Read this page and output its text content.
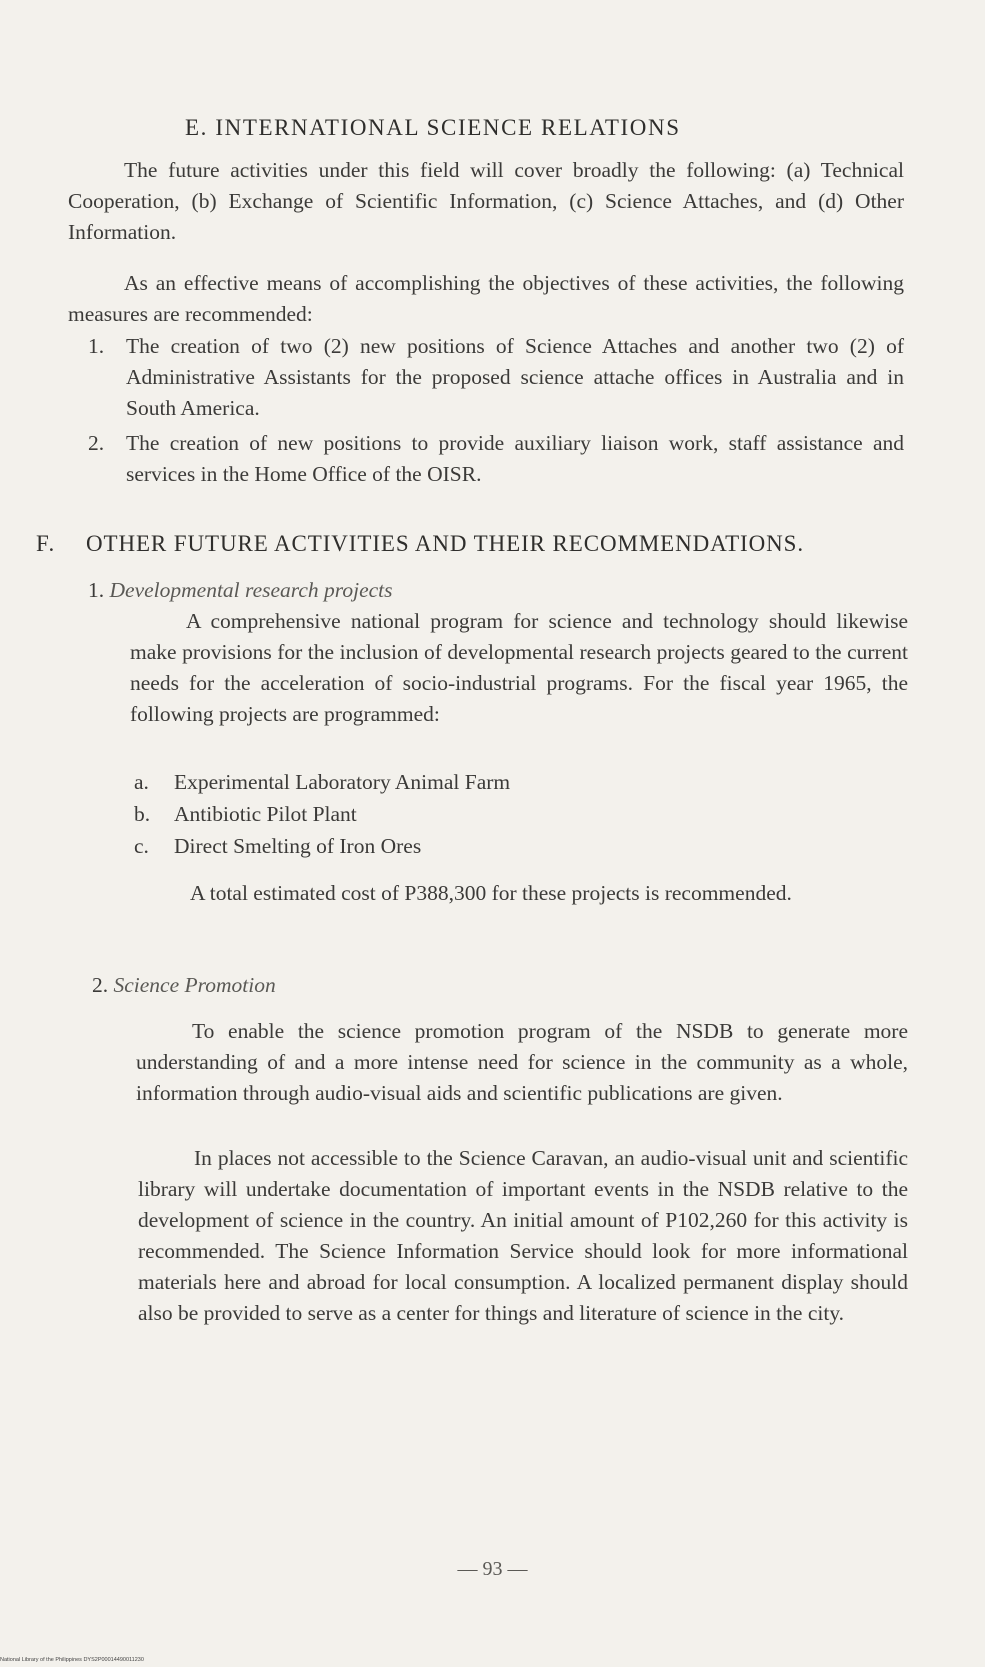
E. INTERNATIONAL SCIENCE RELATIONS
The future activities under this field will cover broadly the following: (a) Technical Cooperation, (b) Exchange of Scientific Information, (c) Science Attaches, and (d) Other Information.
As an effective means of accomplishing the objectives of these activities, the following measures are recommended:
1.	The creation of two (2) new positions of Science Attaches and another two (2) of Administrative Assistants for the proposed science attache offices in Australia and in South America.
2.	The creation of new positions to provide auxiliary liaison work, staff assistance and services in the Home Office of the OISR.
F. OTHER FUTURE ACTIVITIES AND THEIR RECOMMENDATIONS.
1. Developmental research projects
A comprehensive national program for science and technology should likewise make provisions for the inclusion of developmental research projects geared to the current needs for the acceleration of socio-industrial programs. For the fiscal year 1965, the following projects are programmed:
a. Experimental Laboratory Animal Farm
b. Antibiotic Pilot Plant
c. Direct Smelting of Iron Ores
A total estimated cost of P388,300 for these projects is recommended.
2. Science Promotion
To enable the science promotion program of the NSDB to generate more understanding of and a more intense need for science in the community as a whole, information through audio-visual aids and scientific publications are given.
In places not accessible to the Science Caravan, an audio-visual unit and scientific library will undertake documentation of important events in the NSDB relative to the development of science in the country. An initial amount of P102,260 for this activity is recommended. The Science Information Service should look for more informational materials here and abroad for local consumption. A localized permanent display should also be provided to serve as a center for things and literature of science in the city.
— 93 —
National Library of the Philippines DYS2P00014490011230
